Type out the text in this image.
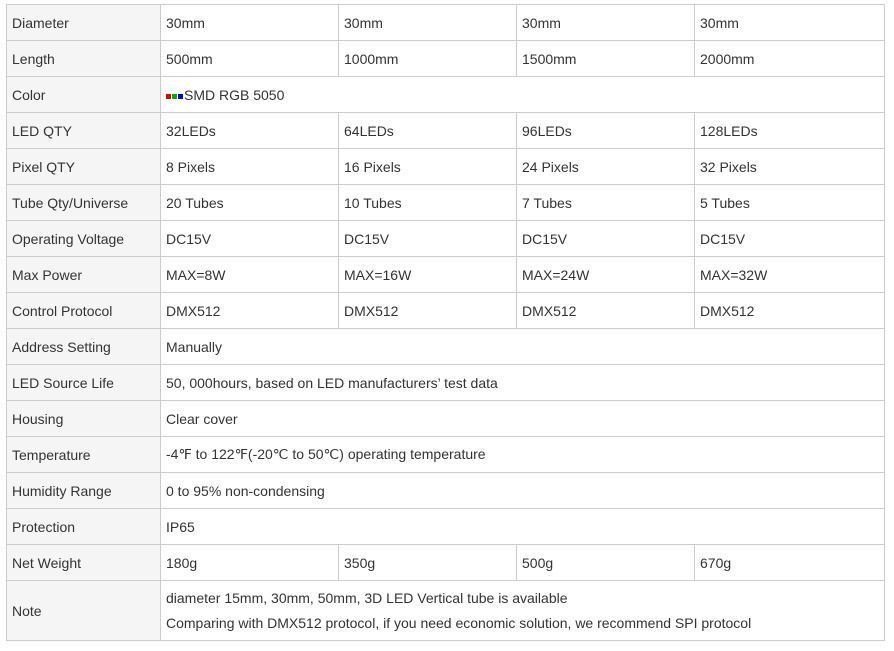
Diameter	30mm	30mm	30mm	30mm
Length	500mm	1000mm	1500mm	2000mm
Color	SMD RGB 5050			
LED QTY	32LEDs	64LEDs	96LEDs	128LEDs
Pixel QTY	8 Pixels	16 Pixels	24 Pixels	32 Pixels
Tube Qty/Universe	20 Tubes	10 Tubes	7 Tubes	5 Tubes
Operating Voltage	DC15V	DC15V	DC15V	DC15V
Max Power	MAX=8W	MAX=16W	MAX=24W	MAX=32W
Control Protocol	DMX512	DMX512	DMX512	DMX512
Address Setting	Manually			
LED Source Life	50, 000hours, based on LED manufacturers’ test data			
Housing	Clear cover			
Temperature	-4℉ to 122℉(-20℃ to 50℃) operating temperature			
Humidity Range	0 to 95% non-condensing			
Protection	IP65			
Net Weight	180g	350g	500g	670g
Note	diameter 15mm, 30mm, 50mm, 3D LED Vertical tube is available
Comparing with DMX512 protocol, if you need economic solution, we recommend SPI protocol			
